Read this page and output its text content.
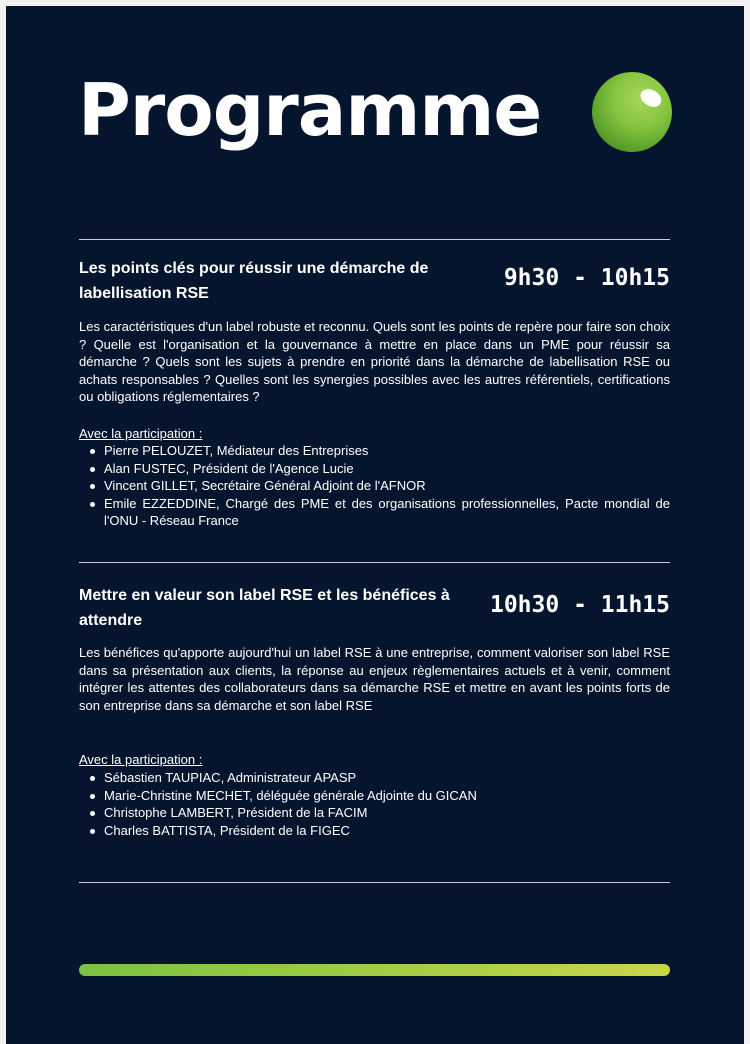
Programme
Les points clés pour réussir une démarche de labellisation RSE
9h30 - 10h15

Les caractéristiques d'un label robuste et reconnu. Quels sont les points de repère pour faire son choix ? Quelle est l'organisation et la gouvernance à mettre en place dans un PME pour réussir sa démarche ? Quels sont les sujets à prendre en priorité dans la démarche de labellisation RSE ou achats responsables ? Quelles sont les synergies possibles avec les autres référentiels, certifications ou obligations réglementaires ?

Avec la participation :
Pierre PELOUZET, Médiateur des Entreprises
Alan FUSTEC, Président de l'Agence Lucie
Vincent GILLET, Secrétaire Général Adjoint de l'AFNOR
Emile EZZEDDINE, Chargé des PME et des organisations professionnelles, Pacte mondial de l'ONU - Réseau France
Mettre en valeur son label RSE et les bénéfices à attendre
10h30 - 11h15

Les bénéfices qu'apporte aujourd'hui un label RSE à une entreprise, comment valoriser son label RSE dans sa présentation aux clients, la réponse au enjeux règlementaires actuels et à venir, comment intégrer les attentes des collaborateurs dans sa démarche RSE et mettre en avant les points forts de son entreprise dans sa démarche et son label RSE

Avec la participation :
Sébastien TAUPIAC, Administrateur APASP
Marie-Christine MECHET, déléguée générale Adjointe du GICAN
Christophe LAMBERT, Président de la FACIM
Charles BATTISTA, Président de la FIGEC
